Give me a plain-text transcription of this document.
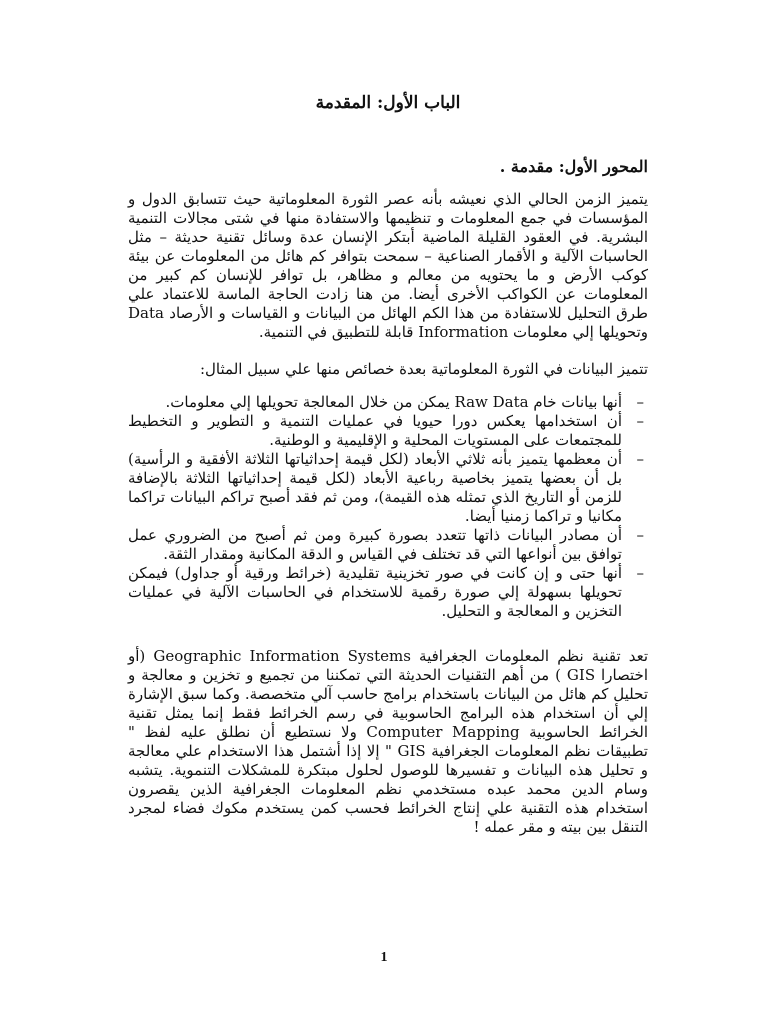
الباب الأول: المقدمة
المحور الأول: مقدمة .

يتميز الزمن الحالي الذي نعيشه بأنه عصر الثورة المعلوماتية حيث تتسابق الدول و المؤسسات في جمع المعلومات و تنظيمها والاستفادة منها في شتى مجالات التنمية البشرية. في العقود القليلة الماضية أبتكر الإنسان عدة وسائل تقنية حديثة – مثل الحاسبات الآلية و الأقمار الصناعية – سمحت بتوافر كم هائل من المعلومات عن بيئة كوكب الأرض و ما يحتويه من معالم و مظاهر، بل توافر للإنسان كم كبير من المعلومات عن الكواكب الأخرى أيضا. من هنا زادت الحاجة الماسة للاعتماد علي طرق التحليل للاستفادة من هذا الكم الهائل من البيانات و القياسات و الأرصاد Data وتحويلها إلي معلومات Information قابلة للتطبيق في التنمية.

تتميز البيانات في الثورة المعلوماتية بعدة خصائص منها علي سبيل المثال:

– أنها بيانات خام Raw Data يمكن من خلال المعالجة تحويلها إلي معلومات.
– أن استخدامها يعكس دورا حيويا في عمليات التنمية و التطوير و التخطيط للمجتمعات على المستويات المحلية و الإقليمية و الوطنية.
– أن معظمها يتميز بأنه ثلاثي الأبعاد (لكل قيمة إحداثياتها الثلاثة الأفقية و الرأسية) بل أن بعضها يتميز بخاصية رباعية الأبعاد (لكل قيمة إحداثياتها الثلاثة بالإضافة للزمن أو التاريخ الذي تمثله هذه القيمة)، ومن ثم فقد أصبح تراكم البيانات تراكما مكانيا و تراكما زمنيا أيضا.
– أن مصادر البيانات ذاتها تتعدد بصورة كبيرة ومن ثم أصبح من الضروري عمل توافق بين أنواعها التي قد تختلف في القياس و الدقة المكانية ومقدار الثقة.
– أنها حتى و إن كانت في صور تخزينية تقليدية (خرائط ورقية أو جداول) فيمكن تحويلها بسهولة إلي صورة رقمية للاستخدام في الحاسبات الآلية في عمليات التخزين و المعالجة و التحليل.

تعد تقنية نظم المعلومات الجغرافية Geographic Information Systems (أو اختصارا GIS ) من أهم التقنيات الحديثة التي تمكننا من تجميع و تخزين و معالجة و تحليل كم هائل من البيانات باستخدام برامج حاسب آلي متخصصة. وكما سبق الإشارة إلي أن استخدام هذه البرامج الحاسوبية في رسم الخرائط فقط إنما يمثل تقنية الخرائط الحاسوبية Computer Mapping ولا نستطيع أن نطلق عليه لفظ " تطبيقات نظم المعلومات الجغرافية GIS " إلا إذا أشتمل هذا الاستخدام علي معالجة و تحليل هذه البيانات و تفسيرها للوصول لحلول مبتكرة للمشكلات التنموية. يتشبه وسام الدين محمد عبده مستخدمي نظم المعلومات الجغرافية الذين يقصرون استخدام هذه التقنية علي إنتاج الخرائط فحسب كمن يستخدم مكوك فضاء لمجرد التنقل بين بيته و مقر عمله !

1
